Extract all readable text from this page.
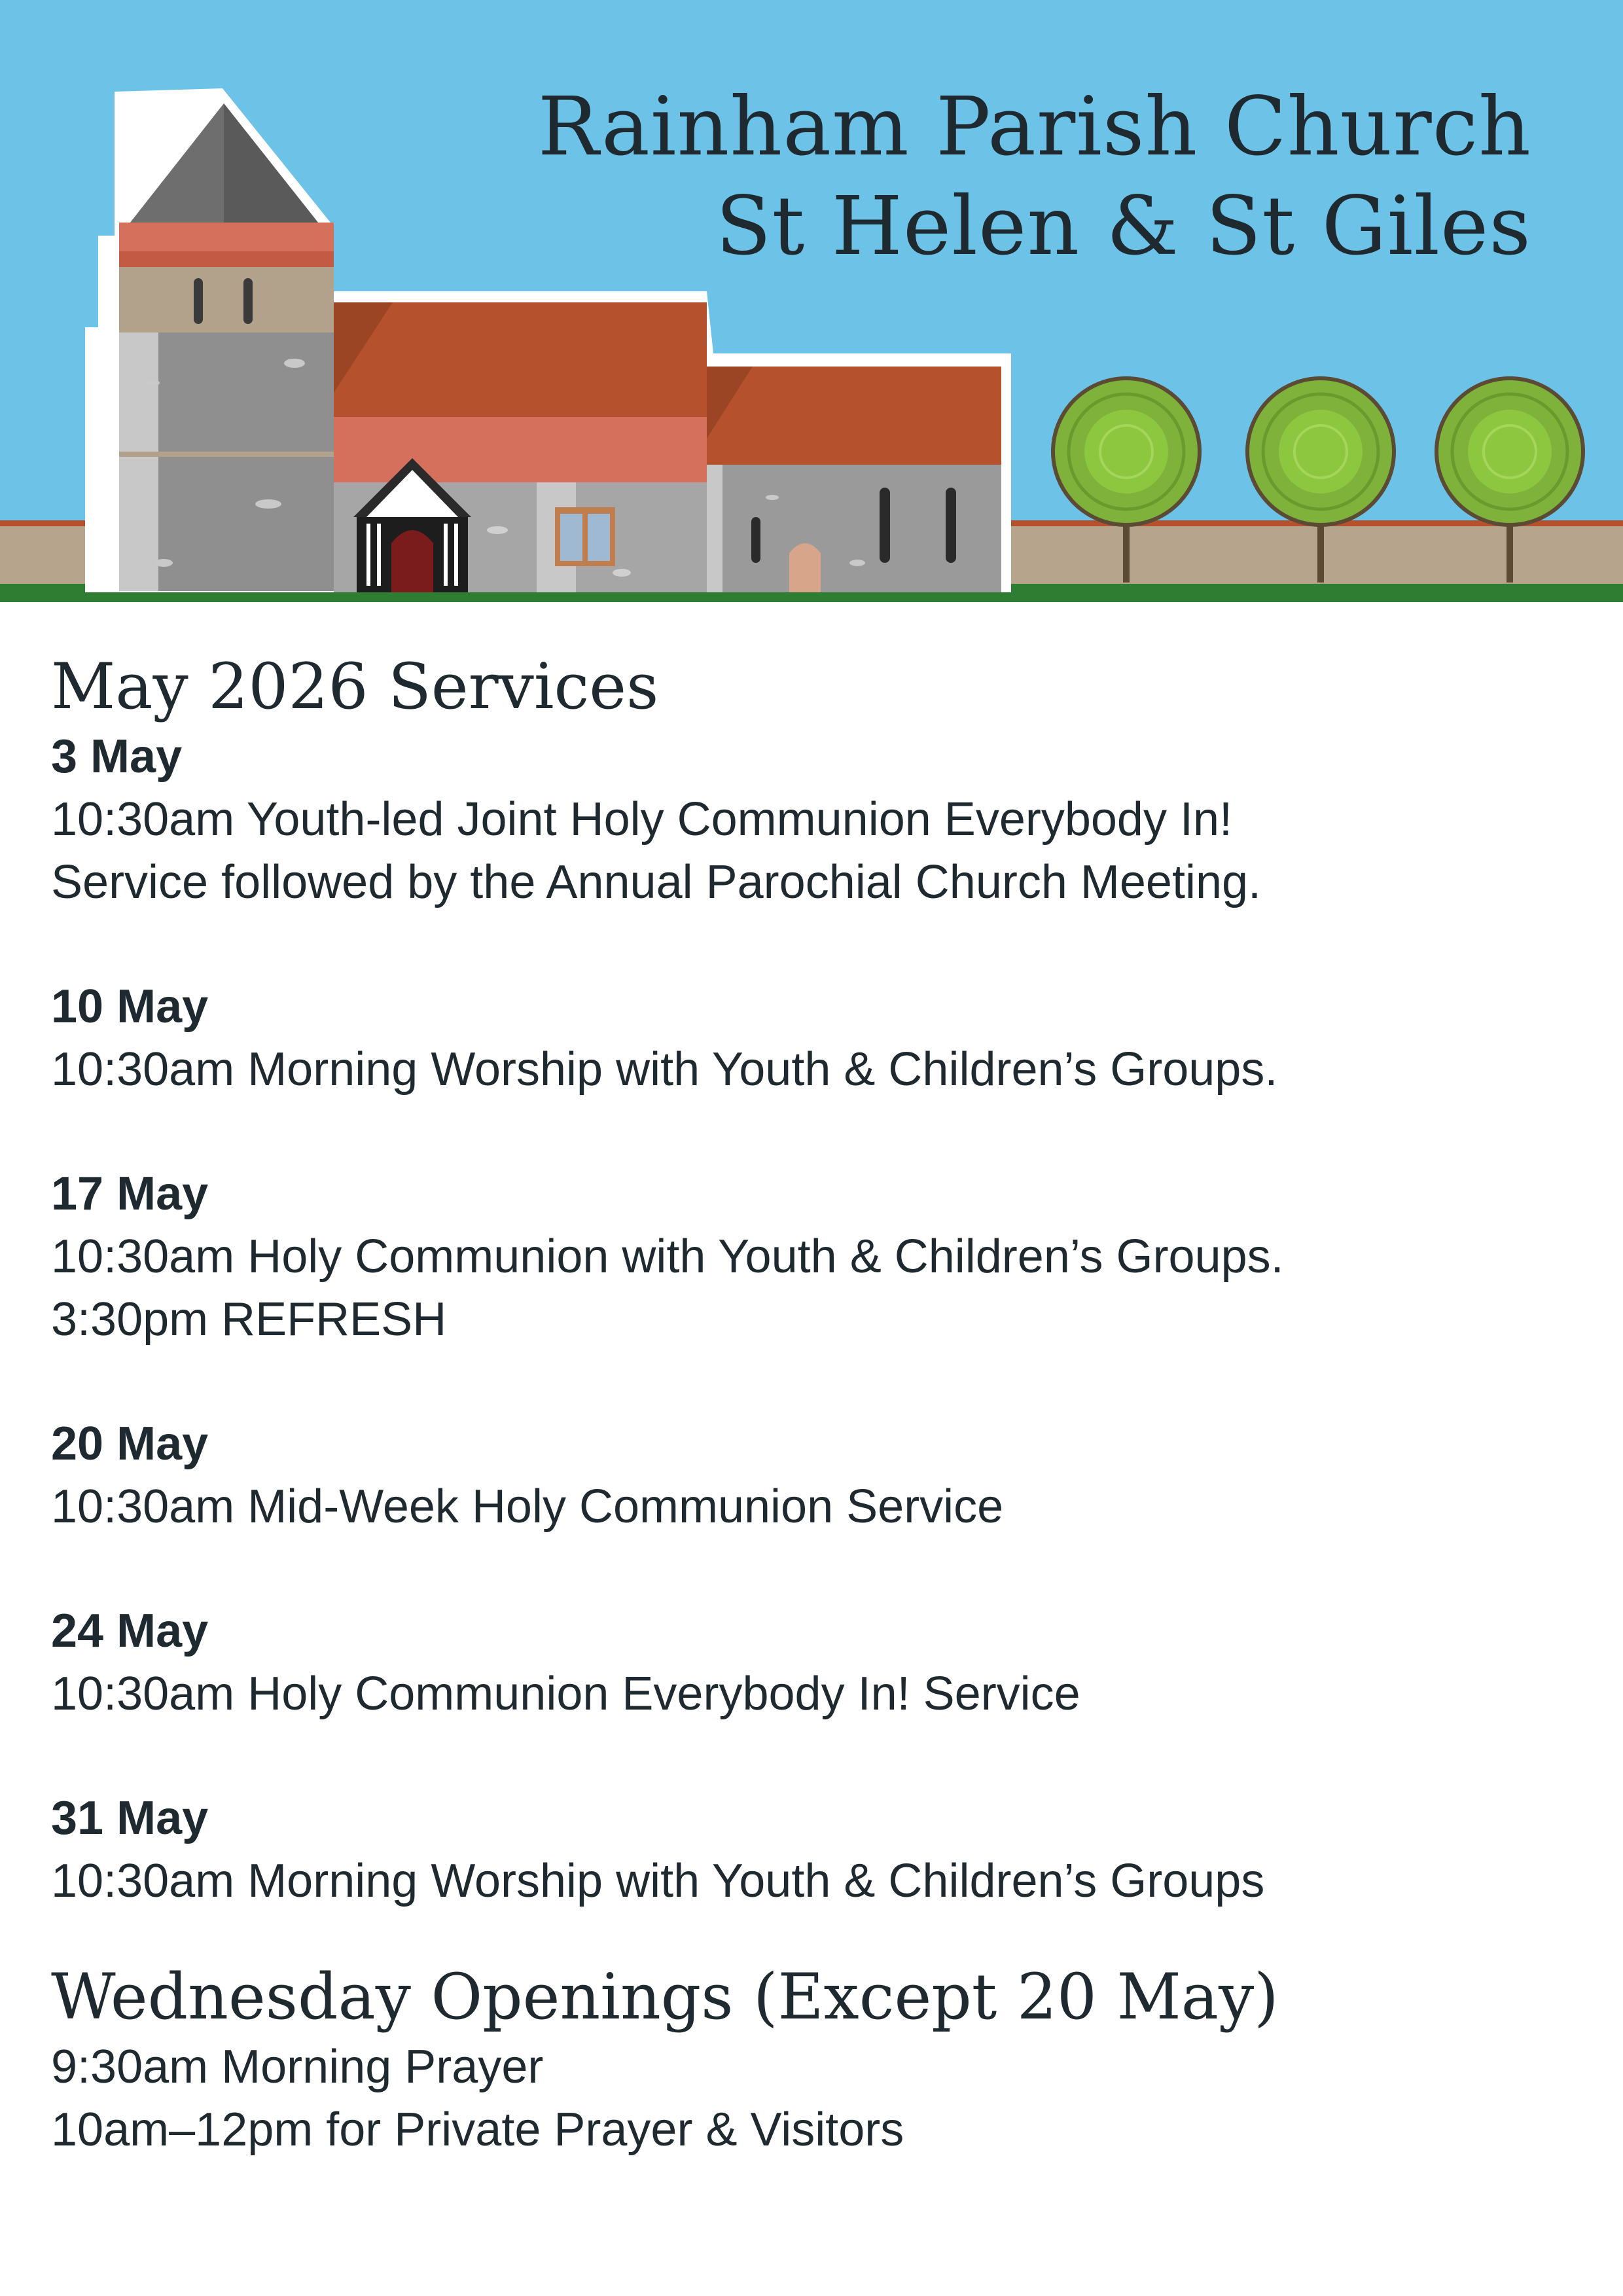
Rainham Parish Church
St Helen & St Giles
May 2026 Services
3 May
10:30am Youth-led Joint Holy Communion Everybody In!
Service followed by the Annual Parochial Church Meeting.
10 May
10:30am Morning Worship with Youth & Children’s Groups.
17 May
10:30am Holy Communion with Youth & Children’s Groups.
3:30pm REFRESH
20 May
10:30am Mid-Week Holy Communion Service
24 May
10:30am Holy Communion Everybody In! Service
31 May
10:30am Morning Worship with Youth & Children’s Groups
Wednesday Openings (Except 20 May)
9:30am Morning Prayer
10am–12pm for Private Prayer & Visitors
